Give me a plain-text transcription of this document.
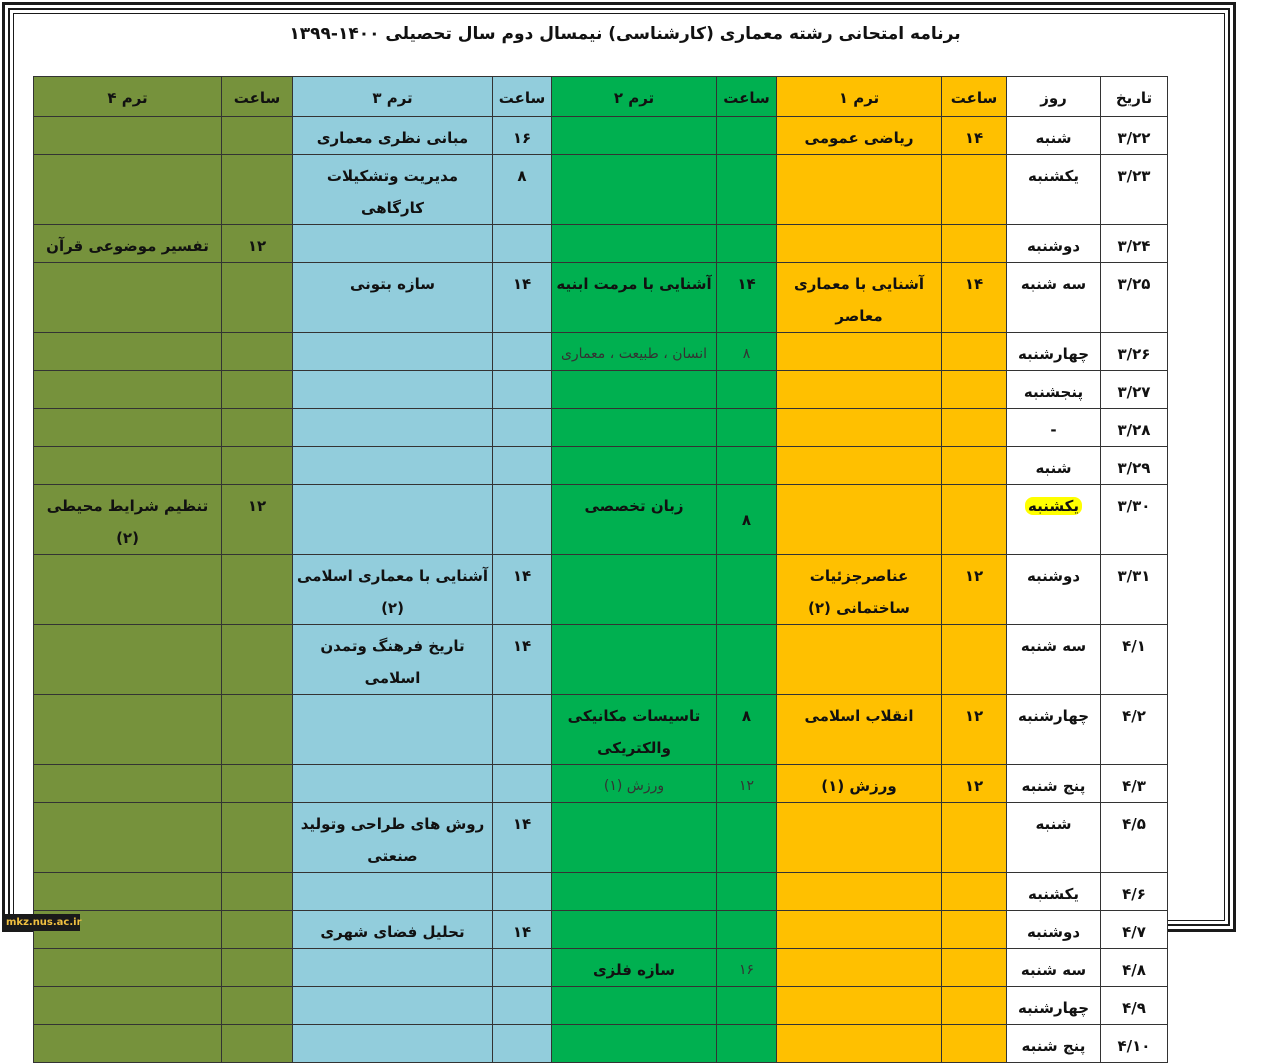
برنامه امتحانی رشته معماری (کارشناسی) نیمسال دوم سال تحصیلی ۱۴۰۰-۱۳۹۹
تاریخ	روز	ساعت	ترم ۱	ساعت	ترم ۲	ساعت	ترم ۳	ساعت	ترم ۴
۳/۲۲	شنبه	۱۴	ریاضی عمومی			۱۶	مبانی نظری معماری		
۳/۲۳	یکشنبه					۸	مدیریت وتشکیلات کارگاهی		
۳/۲۴	دوشنبه							۱۲	تفسیر موضوعی قرآن
۳/۲۵	سه شنبه	۱۴	آشنایی با معماری معاصر	۱۴	آشنایی با مرمت ابنیه	۱۴	سازه بتونی		
۳/۲۶	چهارشنبه			۸	انسان ، طبیعت ، معماری				
۳/۲۷	پنجشنبه								
۳/۲۸	-								
۳/۲۹	شنبه								
۳/۳۰	یکشنبه			۸	زبان تخصصی			۱۲	تنظیم شرایط محیطی (۲)
۳/۳۱	دوشنبه	۱۲	عناصرجزئیات ساختمانی (۲)			۱۴	آشنایی با معماری اسلامی (۲)		
۴/۱	سه شنبه					۱۴	تاریخ فرهنگ وتمدن اسلامی		
۴/۲	چهارشنبه	۱۲	انقلاب اسلامی	۸	تاسیسات مکانیکی والکتریکی				
۴/۳	پنج شنبه	۱۲	ورزش (۱)	۱۲	ورزش (۱)				
۴/۵	شنبه					۱۴	روش های طراحی وتولید صنعتی		
۴/۶	یکشنبه								
۴/۷	دوشنبه					۱۴	تحلیل فضای شهری		
۴/۸	سه شنبه			۱۶	سازه فلزی				
۴/۹	چهارشنبه								
۴/۱۰	پنج شنبه								
mkz.nus.ac.ir
